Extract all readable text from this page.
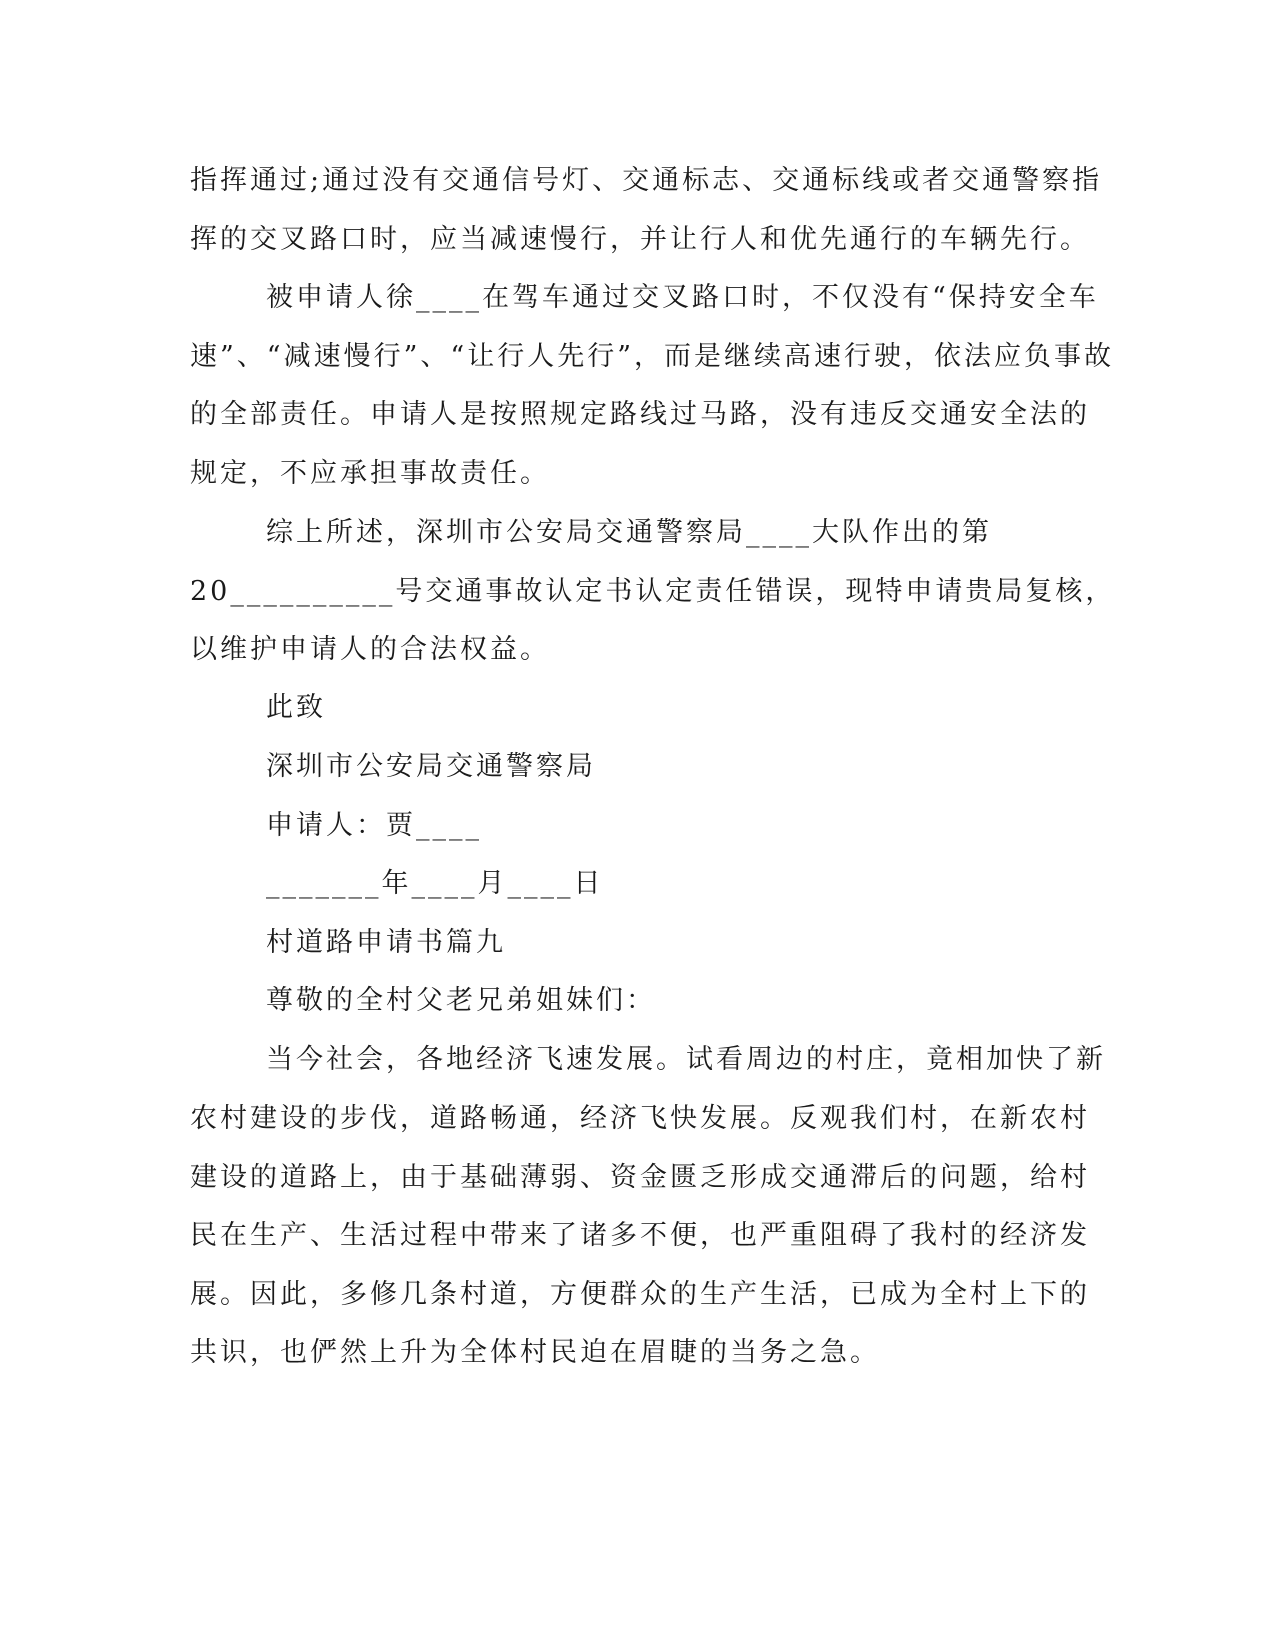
指挥通过;通过没有交通信号灯、交通标志、交通标线或者交通警察指
挥的交叉路口时，应当减速慢行，并让行人和优先通行的车辆先行。
被申请人徐____在驾车通过交叉路口时，不仅没有“保持安全车
速”、“减速慢行”、“让行人先行”，而是继续高速行驶，依法应负事故
的全部责任。申请人是按照规定路线过马路，没有违反交通安全法的
规定，不应承担事故责任。
综上所述，深圳市公安局交通警察局____大队作出的第
20__________号交通事故认定书认定责任错误，现特申请贵局复核，
以维护申请人的合法权益。
此致
深圳市公安局交通警察局
申请人：贾____
_______年____月____日
村道路申请书篇九
尊敬的全村父老兄弟姐妹们：
当今社会，各地经济飞速发展。试看周边的村庄，竟相加快了新
农村建设的步伐，道路畅通，经济飞快发展。反观我们村，在新农村
建设的道路上，由于基础薄弱、资金匮乏形成交通滞后的问题，给村
民在生产、生活过程中带来了诸多不便，也严重阻碍了我村的经济发
展。因此，多修几条村道，方便群众的生产生活，已成为全村上下的
共识，也俨然上升为全体村民迫在眉睫的当务之急。
